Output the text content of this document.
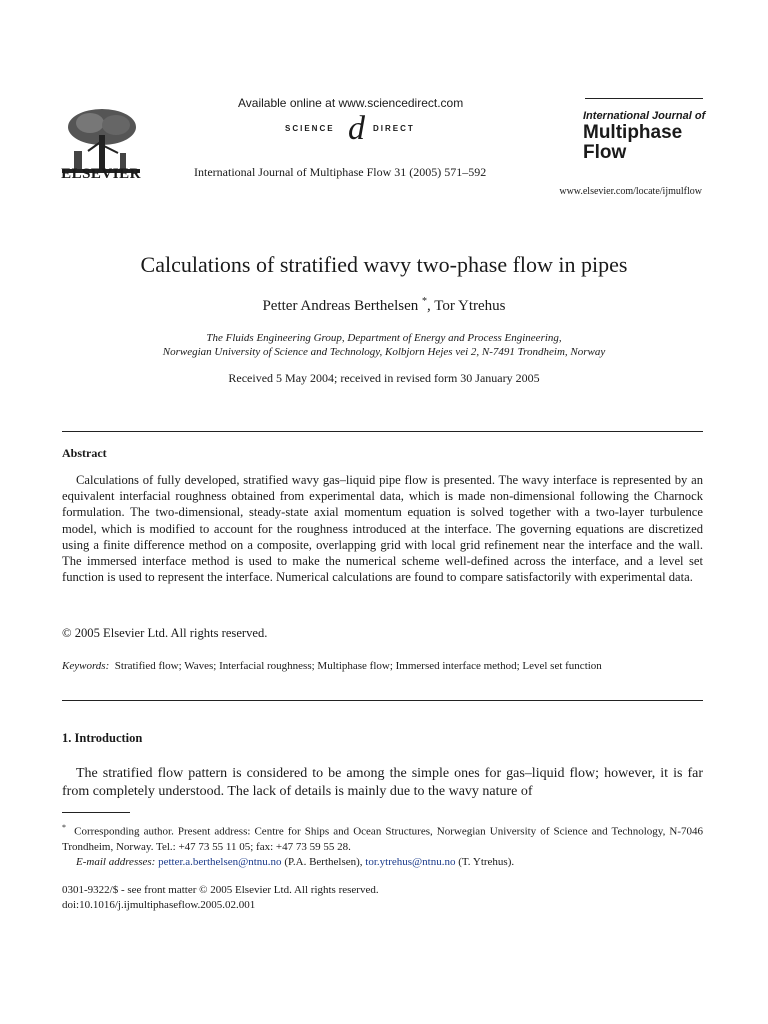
ELSEVIER
Available online at www.sciencedirect.com
SCIENCE d DIRECT
International Journal of Multiphase Flow 31 (2005) 571–592
International Journal of
Multiphase
Flow
www.elsevier.com/locate/ijmulflow
Calculations of stratified wavy two-phase flow in pipes
Petter Andreas Berthelsen *, Tor Ytrehus
The Fluids Engineering Group, Department of Energy and Process Engineering,
Norwegian University of Science and Technology, Kolbjorn Hejes vei 2, N-7491 Trondheim, Norway
Received 5 May 2004; received in revised form 30 January 2005
Abstract

Calculations of fully developed, stratified wavy gas–liquid pipe flow is presented. The wavy interface is represented by an equivalent interfacial roughness obtained from experimental data, which is made non-dimensional following the Charnock formulation. The two-dimensional, steady-state axial momentum equation is solved together with a two-layer turbulence model, which is modified to account for the roughness introduced at the interface. The governing equations are discretized using a finite difference method on a composite, overlapping grid with local grid refinement near the interface and the wall. The immersed interface method is used to make the numerical scheme well-defined across the interface, and a level set function is used to represent the interface. Numerical calculations are found to compare satisfactorily with experimental data.

© 2005 Elsevier Ltd. All rights reserved.
Keywords: Stratified flow; Waves; Interfacial roughness; Multiphase flow; Immersed interface method; Level set function
1. Introduction

The stratified flow pattern is considered to be among the simple ones for gas–liquid flow; however, it is far from completely understood. The lack of details is mainly due to the wavy nature of

* Corresponding author. Present address: Centre for Ships and Ocean Structures, Norwegian University of Science and Technology, N-7046 Trondheim, Norway. Tel.: +47 73 55 11 05; fax: +47 73 59 55 28.
E-mail addresses: petter.a.berthelsen@ntnu.no (P.A. Berthelsen), tor.ytrehus@ntnu.no (T. Ytrehus).
0301-9322/$ - see front matter © 2005 Elsevier Ltd. All rights reserved.
doi:10.1016/j.ijmultiphaseflow.2005.02.001
